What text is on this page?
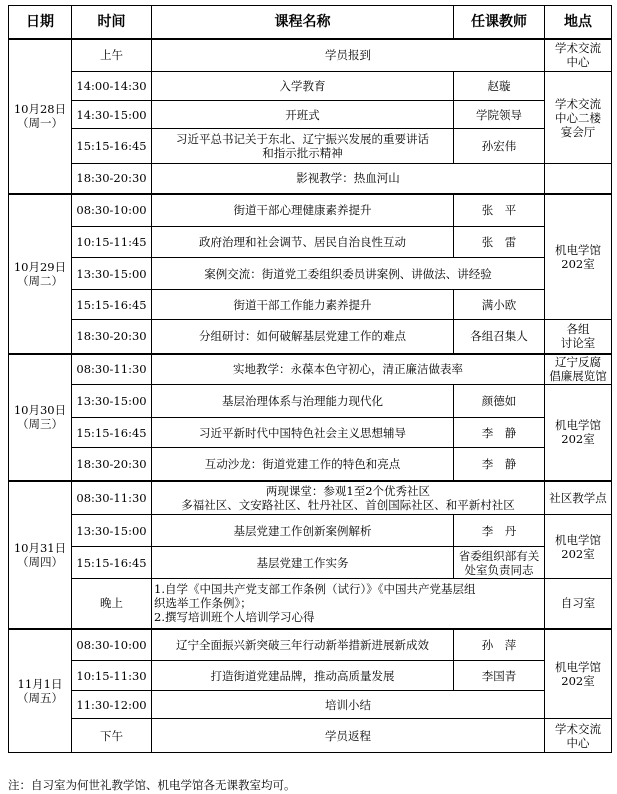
日期	时间	课程名称	任课教师	地点
10月28日
（周一）	上午	学员报到		学术交流
中心
	14:00-14:30	入学教育	赵璇	学术交流
中心二楼
宴会厅
	14:30-15:00	开班式	学院领导	
	15:15-16:45	习近平总书记关于东北、辽宁振兴发展的重要讲话
和指示批示精神	孙宏伟	
	18:30-20:30	影视教学：热血河山		
10月29日
（周二）	08:30-10:00	街道干部心理健康素养提升	张　平	机电学馆
202室
	10:15-11:45	政府治理和社会调节、居民自治良性互动	张　雷	
	13:30-15:00	案例交流：街道党工委组织委员讲案例、讲做法、讲经验		
	15:15-16:45	街道干部工作能力素养提升	满小欧	
	18:30-20:30	分组研讨：如何破解基层党建工作的难点	各组召集人	各组
讨论室
10月30日
（周三）	08:30-11:30	实地教学：永葆本色守初心，清正廉洁做表率		辽宁反腐
倡廉展览馆
	13:30-15:00	基层治理体系与治理能力现代化	颜德如	机电学馆
202室
	15:15-16:45	习近平新时代中国特色社会主义思想辅导	李　静	
	18:30-20:30	互动沙龙：街道党建工作的特色和亮点	李　静	
10月31日
（周四）	08:30-11:30	两现课堂：参观1至2个优秀社区
多福社区、文安路社区、牡丹社区、首创国际社区、和平新村社区		社区教学点
	13:30-15:00	基层党建工作创新案例解析	李　丹	机电学馆
202室
	15:15-16:45	基层党建工作实务	省委组织部有关
处室负责同志	
	晚上	1.自学《中国共产党支部工作条例（试行）》《中国共产党基层组
织选举工作条例》；
2.撰写培训班个人培训学习心得		自习室
11月1日
（周五）	08:30-10:00	辽宁全面振兴新突破三年行动新举措新进展新成效	孙　萍	机电学馆
202室
	10:15-11:30	打造街道党建品牌，推动高质量发展	李国青	
	11:30-12:00	培训小结		
	下午	学员返程		学术交流
中心
注：自习室为何世礼教学馆、机电学馆各无课教室均可。
